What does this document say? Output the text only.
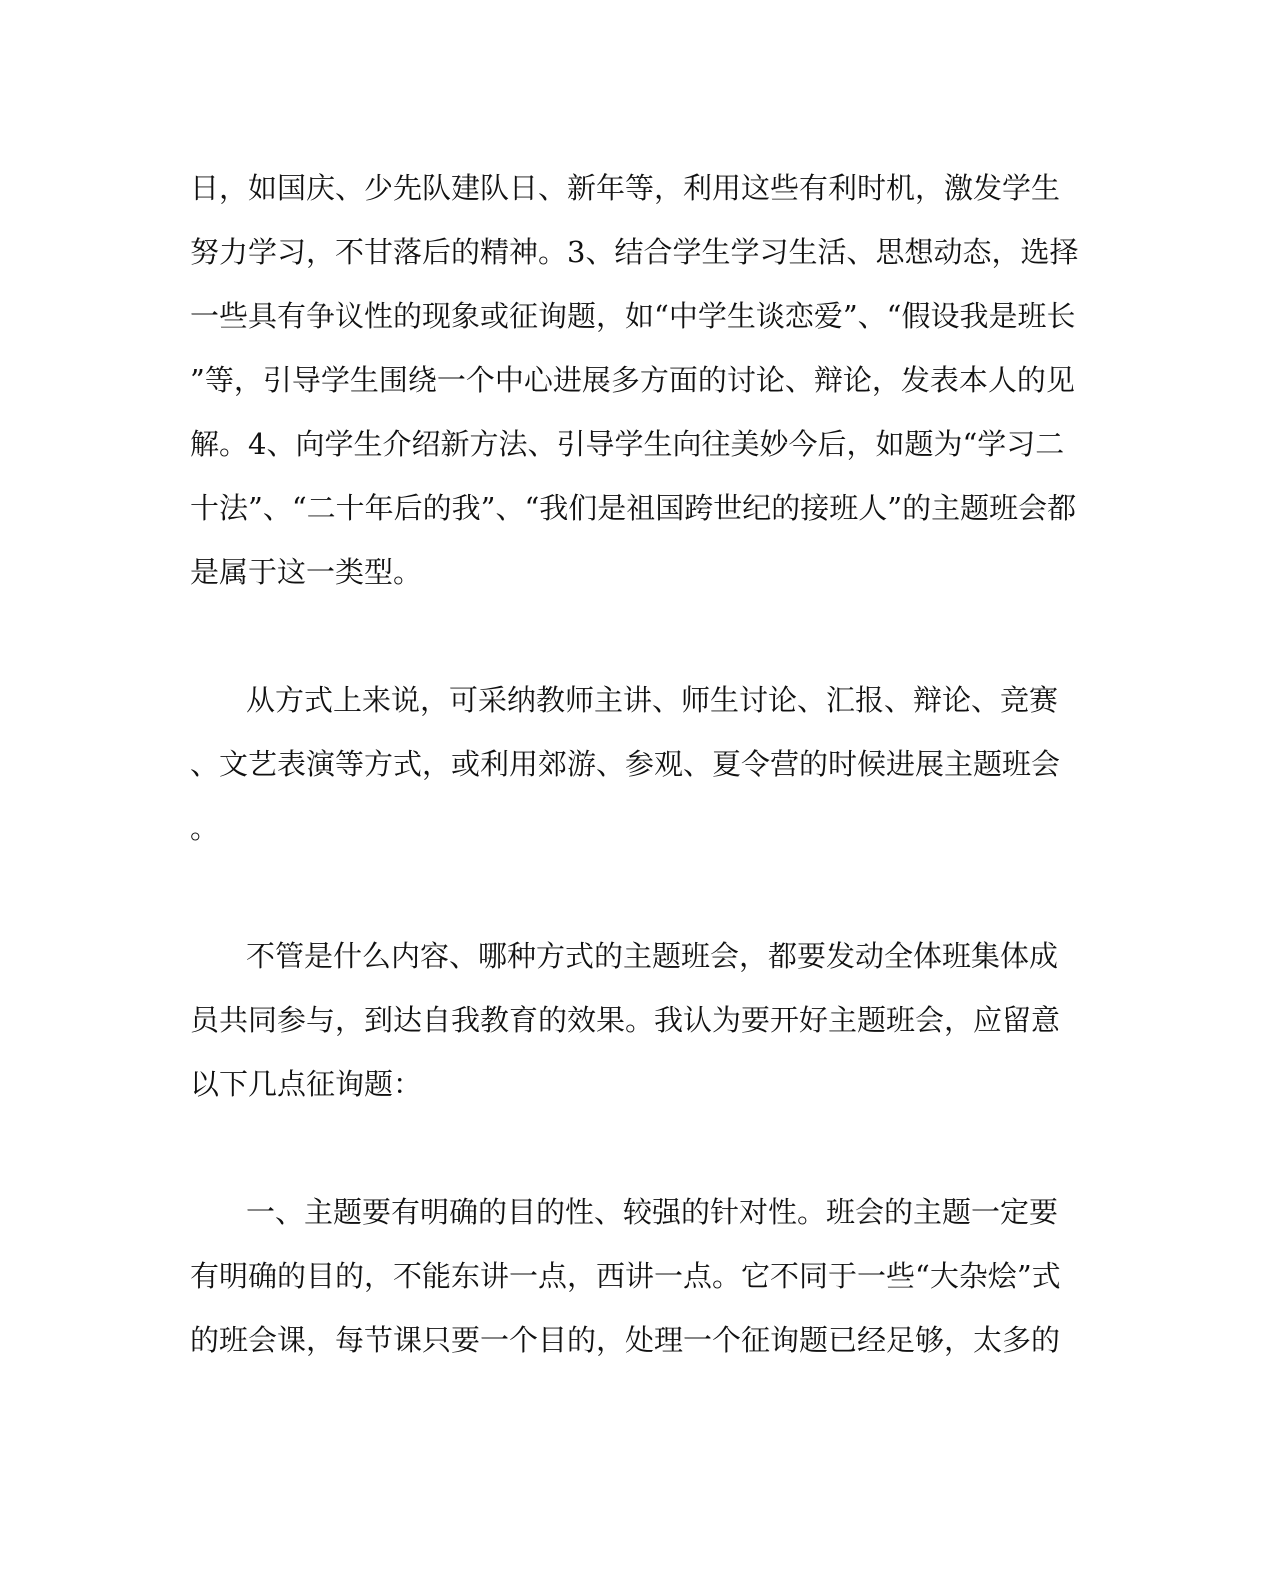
日，如国庆、少先队建队日、新年等，利用这些有利时机，激发学生
努力学习，不甘落后的精神。3、结合学生学习生活、思想动态，选择
一些具有争议性的现象或征询题，如“中学生谈恋爱”、“假设我是班长
”等，引导学生围绕一个中心进展多方面的讨论、辩论，发表本人的见
解。4、向学生介绍新方法、引导学生向往美妙今后，如题为“学习二
十法”、“二十年后的我”、“我们是祖国跨世纪的接班人”的主题班会都
是属于这一类型。
从方式上来说，可采纳教师主讲、师生讨论、汇报、辩论、竞赛
、文艺表演等方式，或利用郊游、参观、夏令营的时候进展主题班会
。
不管是什么内容、哪种方式的主题班会，都要发动全体班集体成
员共同参与，到达自我教育的效果。我认为要开好主题班会，应留意
以下几点征询题：
一、主题要有明确的目的性、较强的针对性。班会的主题一定要
有明确的目的，不能东讲一点，西讲一点。它不同于一些“大杂烩”式
的班会课，每节课只要一个目的，处理一个征询题已经足够，太多的
